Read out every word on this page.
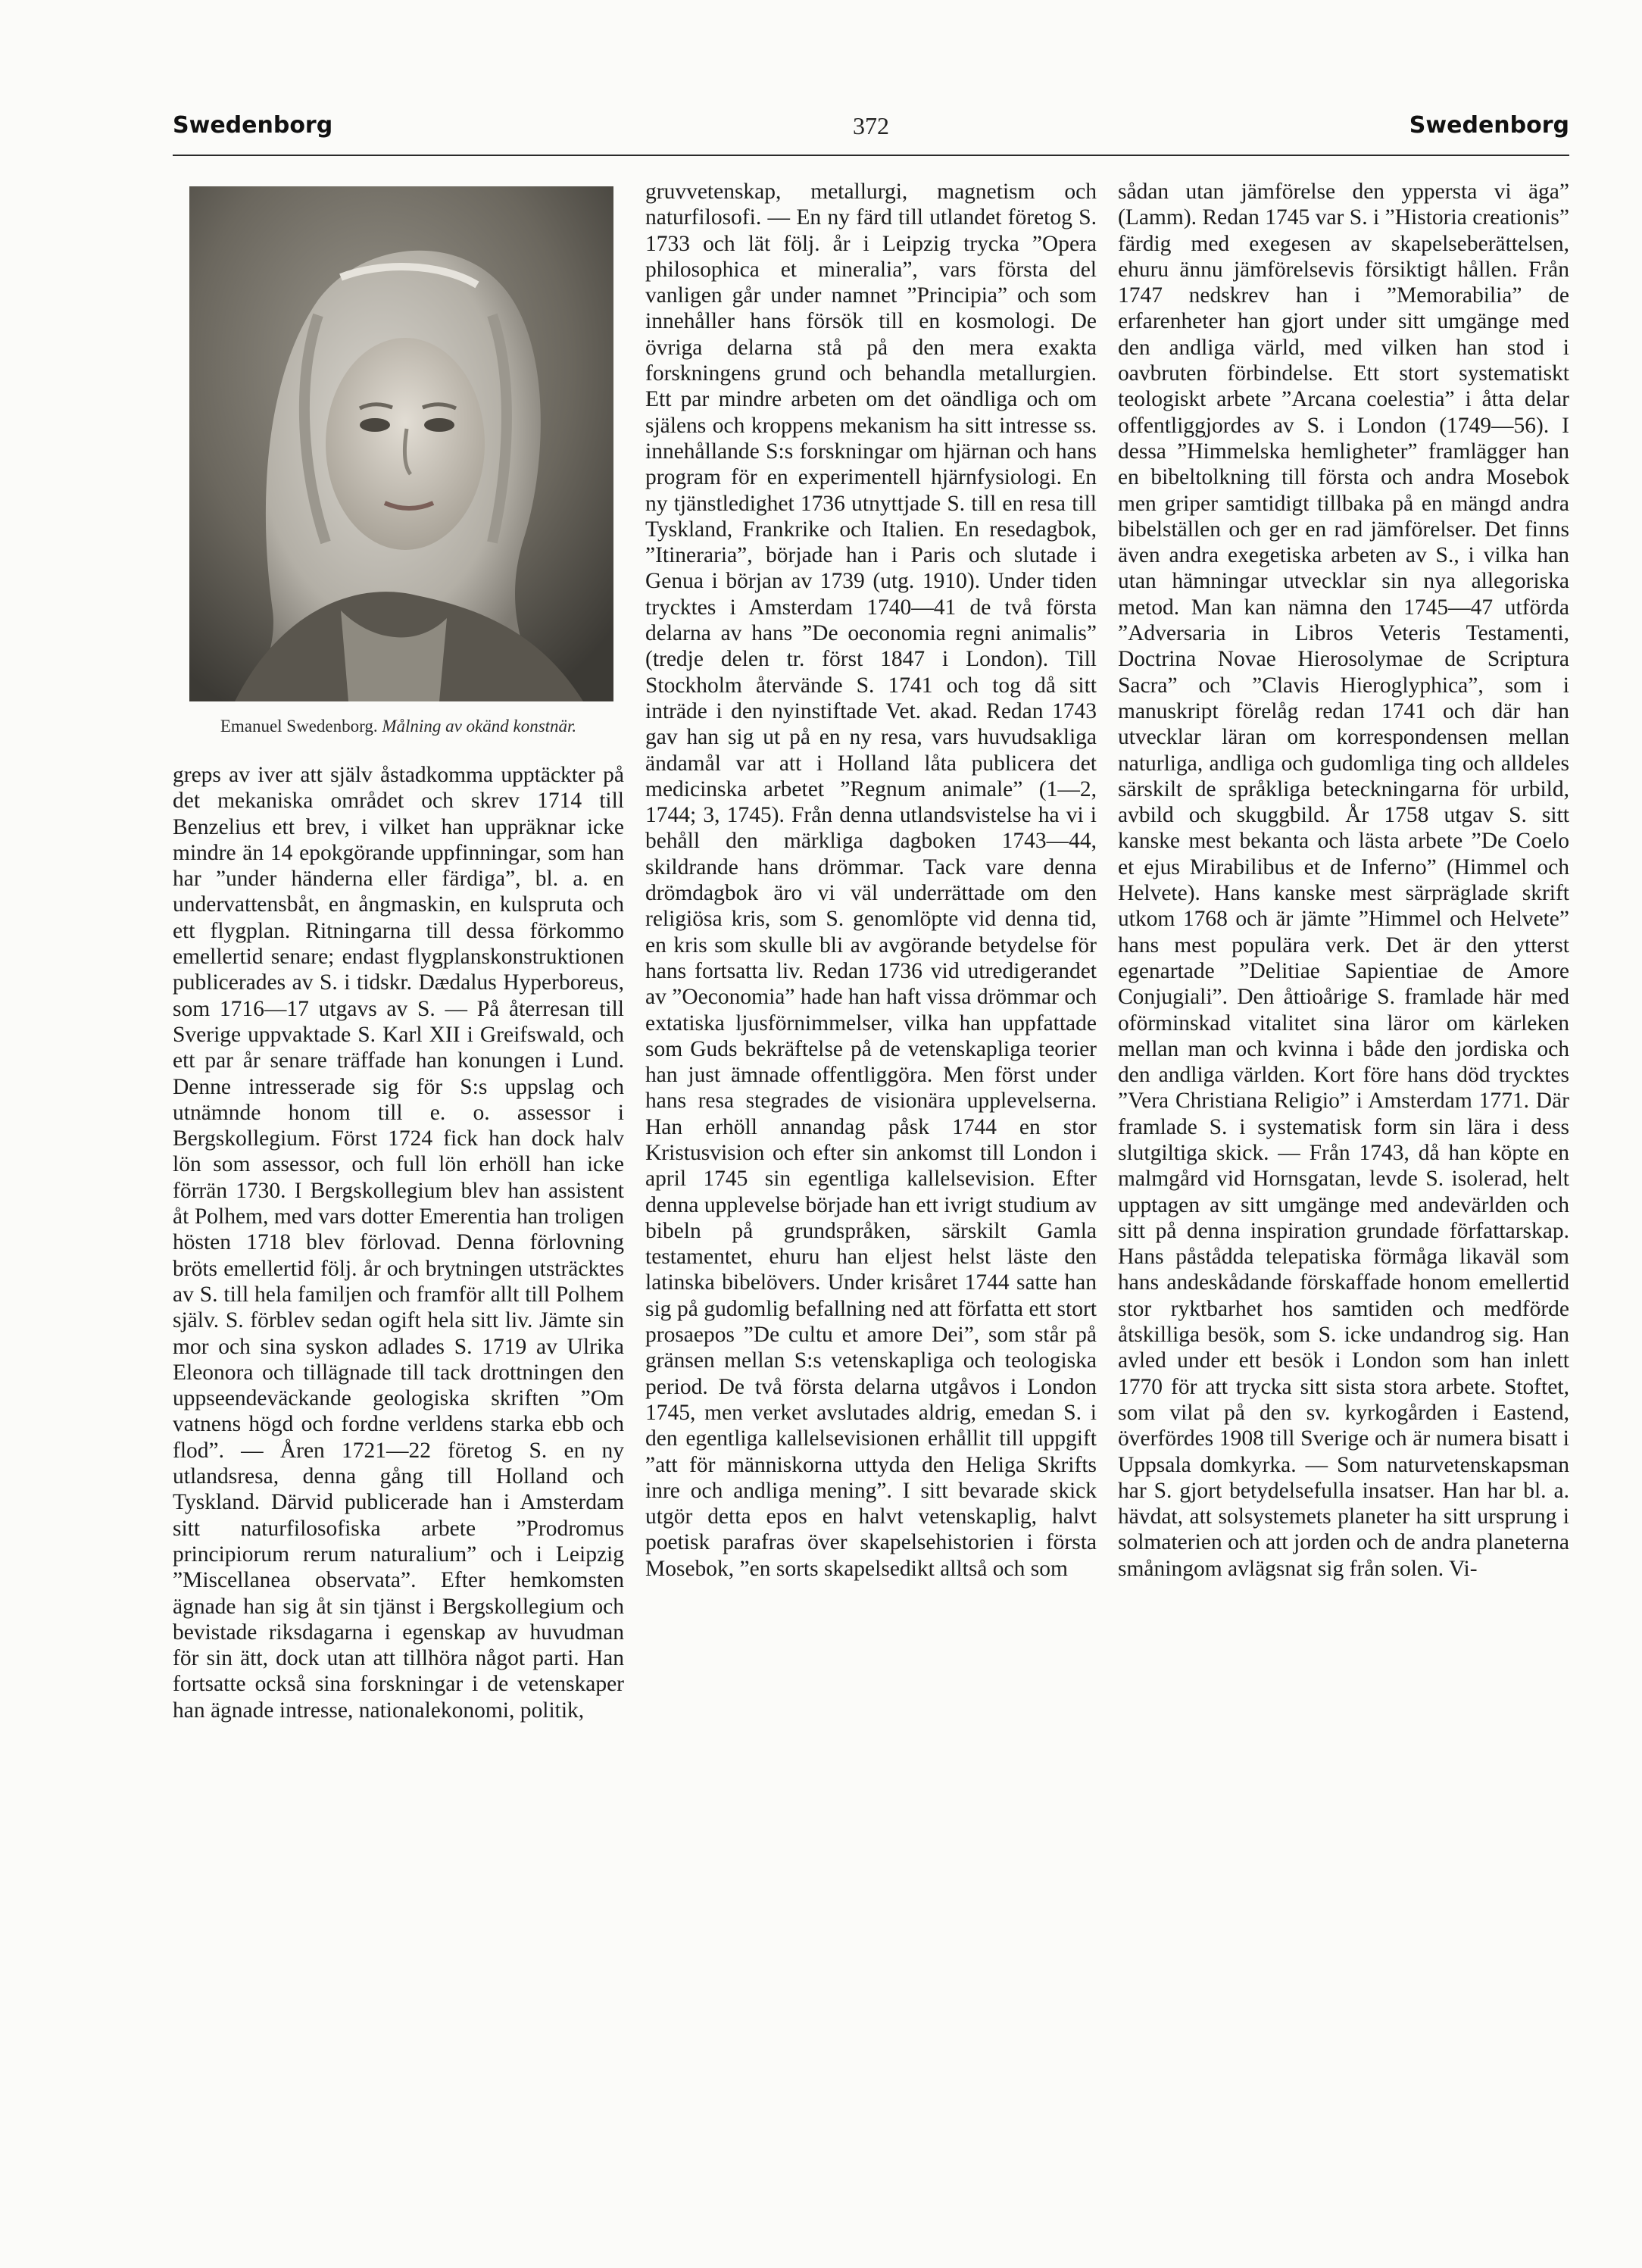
Swedenborg	372	Swedenborg
Emanuel Swedenborg. Målning av okänd konstnär.

greps av iver att själv åstadkomma upptäckter på det mekaniska området och skrev 1714 till Benzelius ett brev, i vilket han uppräknar icke mindre än 14 epokgörande uppfinningar, som han har ”under händerna eller färdiga”, bl. a. en undervattensbåt, en ångmaskin, en kulspruta och ett flygplan. Ritningarna till dessa förkommo emellertid senare; endast flygplanskonstruktionen publicerades av S. i tidskr. Dædalus Hyperboreus, som 1716—17 utgavs av S. — På återresan till Sverige uppvaktade S. Karl XII i Greifswald, och ett par år senare träffade han konungen i Lund. Denne intresserade sig för S:s uppslag och utnämnde honom till e. o. assessor i Bergskollegium. Först 1724 fick han dock halv lön som assessor, och full lön erhöll han icke förrän 1730. I Bergskollegium blev han assistent åt Polhem, med vars dotter Emerentia han troligen hösten 1718 blev förlovad. Denna förlovning bröts emellertid följ. år och brytningen utsträcktes av S. till hela familjen och framför allt till Polhem själv. S. förblev sedan ogift hela sitt liv. Jämte sin mor och sina syskon adlades S. 1719 av Ulrika Eleonora och tillägnade till tack drottningen den uppseendeväckande geologiska skriften ”Om vatnens högd och fordne verldens starka ebb och flod”. — Åren 1721—22 företog S. en ny utlandsresa, denna gång till Holland och Tyskland. Därvid publicerade han i Amsterdam sitt naturfilosofiska arbete ”Prodromus principiorum rerum naturalium” och i Leipzig ”Miscellanea observata”. Efter hemkomsten ägnade han sig åt sin tjänst i Bergskollegium och bevistade riksdagarna i egenskap av huvudman för sin ätt, dock utan att tillhöra något parti. Han fortsatte också sina forskningar i de vetenskaper han ägnade intresse, nationalekonomi, politik,

gruvvetenskap, metallurgi, magnetism och naturfilosofi. — En ny färd till utlandet företog S. 1733 och lät följ. år i Leipzig trycka ”Opera philosophica et mineralia”, vars första del vanligen går under namnet ”Principia” och som innehåller hans försök till en kosmologi. De övriga delarna stå på den mera exakta forskningens grund och behandla metallurgien. Ett par mindre arbeten om det oändliga och om själens och kroppens mekanism ha sitt intresse ss. innehållande S:s forskningar om hjärnan och hans program för en experimentell hjärnfysiologi. En ny tjänstledighet 1736 utnyttjade S. till en resa till Tyskland, Frankrike och Italien. En resedagbok, ”Itineraria”, började han i Paris och slutade i Genua i början av 1739 (utg. 1910). Under tiden trycktes i Amsterdam 1740—41 de två första delarna av hans ”De oeconomia regni animalis” (tredje delen tr. först 1847 i London). Till Stockholm återvände S. 1741 och tog då sitt inträde i den nyinstiftade Vet. akad. Redan 1743 gav han sig ut på en ny resa, vars huvudsakliga ändamål var att i Holland låta publicera det medicinska arbetet ”Regnum animale” (1—2, 1744; 3, 1745). Från denna utlandsvistelse ha vi i behåll den märkliga dagboken 1743—44, skildrande hans drömmar. Tack vare denna drömdagbok äro vi väl underrättade om den religiösa kris, som S. genomlöpte vid denna tid, en kris som skulle bli av avgörande betydelse för hans fortsatta liv. Redan 1736 vid utredigerandet av ”Oeconomia” hade han haft vissa drömmar och extatiska ljusförnimmelser, vilka han uppfattade som Guds bekräftelse på de vetenskapliga teorier han just ämnade offentliggöra. Men först under hans resa stegrades de visionära upplevelserna. Han erhöll annandag påsk 1744 en stor Kristusvision och efter sin ankomst till London i april 1745 sin egentliga kallelsevision. Efter denna upplevelse började han ett ivrigt studium av bibeln på grundspråken, särskilt Gamla testamentet, ehuru han eljest helst läste den latinska bibelövers. Under krisåret 1744 satte han sig på gudomlig befallning ned att författa ett stort prosaepos ”De cultu et amore Dei”, som står på gränsen mellan S:s vetenskapliga och teologiska period. De två första delarna utgåvos i London 1745, men verket avslutades aldrig, emedan S. i den egentliga kallelsevisionen erhållit till uppgift ”att för människorna uttyda den Heliga Skrifts inre och andliga mening”. I sitt bevarade skick utgör detta epos en halvt vetenskaplig, halvt poetisk parafras över skapelsehistorien i första Mosebok, ”en sorts skapelsedikt alltså och som

sådan utan jämförelse den yppersta vi äga” (Lamm). Redan 1745 var S. i ”Historia creationis” färdig med exegesen av skapelseberättelsen, ehuru ännu jämförelsevis försiktigt hållen. Från 1747 nedskrev han i ”Memorabilia” de erfarenheter han gjort under sitt umgänge med den andliga värld, med vilken han stod i oavbruten förbindelse. Ett stort systematiskt teologiskt arbete ”Arcana coelestia” i åtta delar offentliggjordes av S. i London (1749—56). I dessa ”Himmelska hemligheter” framlägger han en bibeltolkning till första och andra Mosebok men griper samtidigt tillbaka på en mängd andra bibelställen och ger en rad jämförelser. Det finns även andra exegetiska arbeten av S., i vilka han utan hämningar utvecklar sin nya allegoriska metod. Man kan nämna den 1745—47 utförda ”Adversaria in Libros Veteris Testamenti, Doctrina Novae Hierosolymae de Scriptura Sacra” och ”Clavis Hieroglyphica”, som i manuskript förelåg redan 1741 och där han utvecklar läran om korrespondensen mellan naturliga, andliga och gudomliga ting och alldeles särskilt de språkliga beteckningarna för urbild, avbild och skuggbild. År 1758 utgav S. sitt kanske mest bekanta och lästa arbete ”De Coelo et ejus Mirabilibus et de Inferno” (Himmel och Helvete). Hans kanske mest särpräglade skrift utkom 1768 och är jämte ”Himmel och Helvete” hans mest populära verk. Det är den ytterst egenartade ”Delitiae Sapientiae de Amore Conjugiali”. Den åttioårige S. framlade här med oförminskad vitalitet sina läror om kärleken mellan man och kvinna i både den jordiska och den andliga världen. Kort före hans död trycktes ”Vera Christiana Religio” i Amsterdam 1771. Där framlade S. i systematisk form sin lära i dess slutgiltiga skick. — Från 1743, då han köpte en malmgård vid Hornsgatan, levde S. isolerad, helt upptagen av sitt umgänge med andevärlden och sitt på denna inspiration grundade författarskap. Hans påstådda telepatiska förmåga likaväl som hans andeskådande förskaffade honom emellertid stor ryktbarhet hos samtiden och medförde åtskilliga besök, som S. icke undandrog sig. Han avled under ett besök i London som han inlett 1770 för att trycka sitt sista stora arbete. Stoftet, som vilat på den sv. kyrkogården i Eastend, överfördes 1908 till Sverige och är numera bisatt i Uppsala domkyrka. — Som naturvetenskapsman har S. gjort betydelsefulla insatser. Han har bl. a. hävdat, att solsystemets planeter ha sitt ursprung i solmaterien och att jorden och de andra planeterna småningom avlägsnat sig från solen. Vi-
